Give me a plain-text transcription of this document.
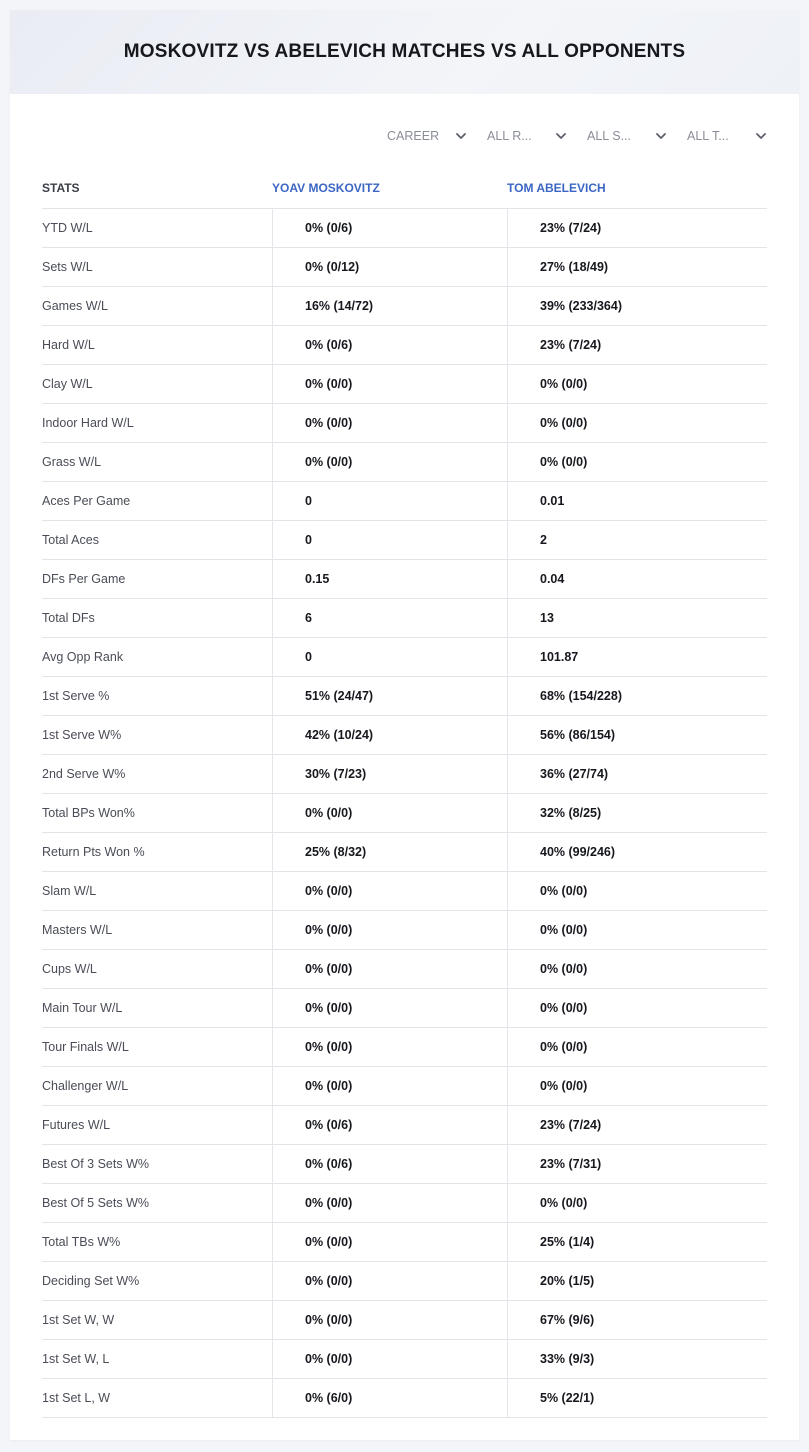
MOSKOVITZ VS ABELEVICH MATCHES VS ALL OPPONENTS
CAREER	ALL R...	ALL S...	ALL T...
STATS	YOAV MOSKOVITZ	TOM ABELEVICH
YTD W/L	0% (0/6)	23% (7/24)
Sets W/L	0% (0/12)	27% (18/49)
Games W/L	16% (14/72)	39% (233/364)
Hard W/L	0% (0/6)	23% (7/24)
Clay W/L	0% (0/0)	0% (0/0)
Indoor Hard W/L	0% (0/0)	0% (0/0)
Grass W/L	0% (0/0)	0% (0/0)
Aces Per Game	0	0.01
Total Aces	0	2
DFs Per Game	0.15	0.04
Total DFs	6	13
Avg Opp Rank	0	101.87
1st Serve %	51% (24/47)	68% (154/228)
1st Serve W%	42% (10/24)	56% (86/154)
2nd Serve W%	30% (7/23)	36% (27/74)
Total BPs Won%	0% (0/0)	32% (8/25)
Return Pts Won %	25% (8/32)	40% (99/246)
Slam W/L	0% (0/0)	0% (0/0)
Masters W/L	0% (0/0)	0% (0/0)
Cups W/L	0% (0/0)	0% (0/0)
Main Tour W/L	0% (0/0)	0% (0/0)
Tour Finals W/L	0% (0/0)	0% (0/0)
Challenger W/L	0% (0/0)	0% (0/0)
Futures W/L	0% (0/6)	23% (7/24)
Best Of 3 Sets W%	0% (0/6)	23% (7/31)
Best Of 5 Sets W%	0% (0/0)	0% (0/0)
Total TBs W%	0% (0/0)	25% (1/4)
Deciding Set W%	0% (0/0)	20% (1/5)
1st Set W, W	0% (0/0)	67% (9/6)
1st Set W, L	0% (0/0)	33% (9/3)
1st Set L, W	0% (6/0)	5% (22/1)
